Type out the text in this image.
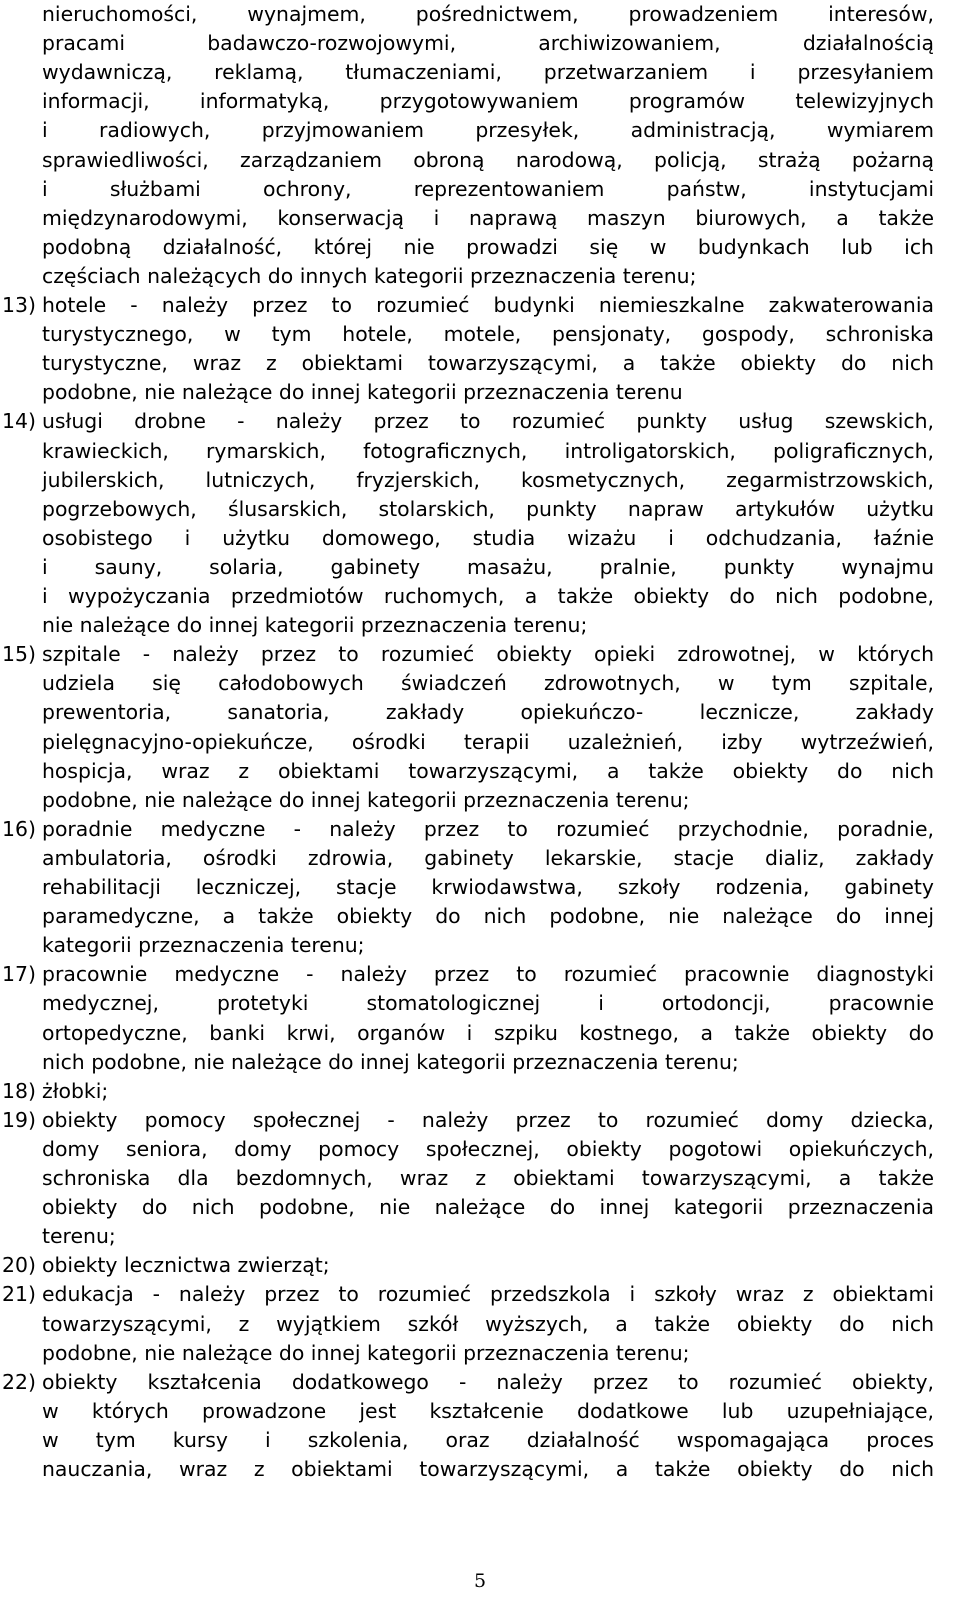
nieruchomości, wynajmem, pośrednictwem, prowadzeniem interesów,
pracami badawczo-rozwojowymi, archiwizowaniem, działalnością
wydawniczą, reklamą, tłumaczeniami, przetwarzaniem i przesyłaniem
informacji, informatyką, przygotowywaniem programów telewizyjnych
i radiowych, przyjmowaniem przesyłek, administracją, wymiarem
sprawiedliwości, zarządzaniem obroną narodową, policją, strażą pożarną
i służbami ochrony, reprezentowaniem państw, instytucjami
międzynarodowymi, konserwacją i naprawą maszyn biurowych, a także
podobną działalność, której nie prowadzi się w budynkach lub ich
częściach należących do innych kategorii przeznaczenia terenu;
13) hotele - należy przez to rozumieć budynki niemieszkalne zakwaterowania
turystycznego, w tym hotele, motele, pensjonaty, gospody, schroniska
turystyczne, wraz z obiektami towarzyszącymi, a także obiekty do nich
podobne, nie należące do innej kategorii przeznaczenia terenu
14) usługi drobne - należy przez to rozumieć punkty usług szewskich,
krawieckich, rymarskich, fotograficznych, introligatorskich, poligraficznych,
jubilerskich, lutniczych, fryzjerskich, kosmetycznych, zegarmistrzowskich,
pogrzebowych, ślusarskich, stolarskich, punkty napraw artykułów użytku
osobistego i użytku domowego, studia wizażu i odchudzania, łaźnie
i sauny, solaria, gabinety masażu, pralnie, punkty wynajmu
i wypożyczania przedmiotów ruchomych, a także obiekty do nich podobne,
nie należące do innej kategorii przeznaczenia terenu;
15) szpitale - należy przez to rozumieć obiekty opieki zdrowotnej, w których
udziela się całodobowych świadczeń zdrowotnych, w tym szpitale,
prewentoria, sanatoria, zakłady opiekuńczo- lecznicze, zakłady
pielęgnacyjno-opiekuńcze, ośrodki terapii uzależnień, izby wytrzeźwień,
hospicja, wraz z obiektami towarzyszącymi, a także obiekty do nich
podobne, nie należące do innej kategorii przeznaczenia terenu;
16) poradnie medyczne - należy przez to rozumieć przychodnie, poradnie,
ambulatoria, ośrodki zdrowia, gabinety lekarskie, stacje dializ, zakłady
rehabilitacji leczniczej, stacje krwiodawstwa, szkoły rodzenia, gabinety
paramedyczne, a także obiekty do nich podobne, nie należące do innej
kategorii przeznaczenia terenu;
17) pracownie medyczne - należy przez to rozumieć pracownie diagnostyki
medycznej, protetyki stomatologicznej i ortodoncji, pracownie
ortopedyczne, banki krwi, organów i szpiku kostnego, a także obiekty do
nich podobne, nie należące do innej kategorii przeznaczenia terenu;
18) żłobki;
19) obiekty pomocy społecznej - należy przez to rozumieć domy dziecka,
domy seniora, domy pomocy społecznej, obiekty pogotowi opiekuńczych,
schroniska dla bezdomnych, wraz z obiektami towarzyszącymi, a także
obiekty do nich podobne, nie należące do innej kategorii przeznaczenia
terenu;
20) obiekty lecznictwa zwierząt;
21) edukacja - należy przez to rozumieć przedszkola i szkoły wraz z obiektami
towarzyszącymi, z wyjątkiem szkół wyższych, a także obiekty do nich
podobne, nie należące do innej kategorii przeznaczenia terenu;
22) obiekty kształcenia dodatkowego - należy przez to rozumieć obiekty,
w których prowadzone jest kształcenie dodatkowe lub uzupełniające,
w tym kursy i szkolenia, oraz działalność wspomagająca proces
nauczania, wraz z obiektami towarzyszącymi, a także obiekty do nich
5
